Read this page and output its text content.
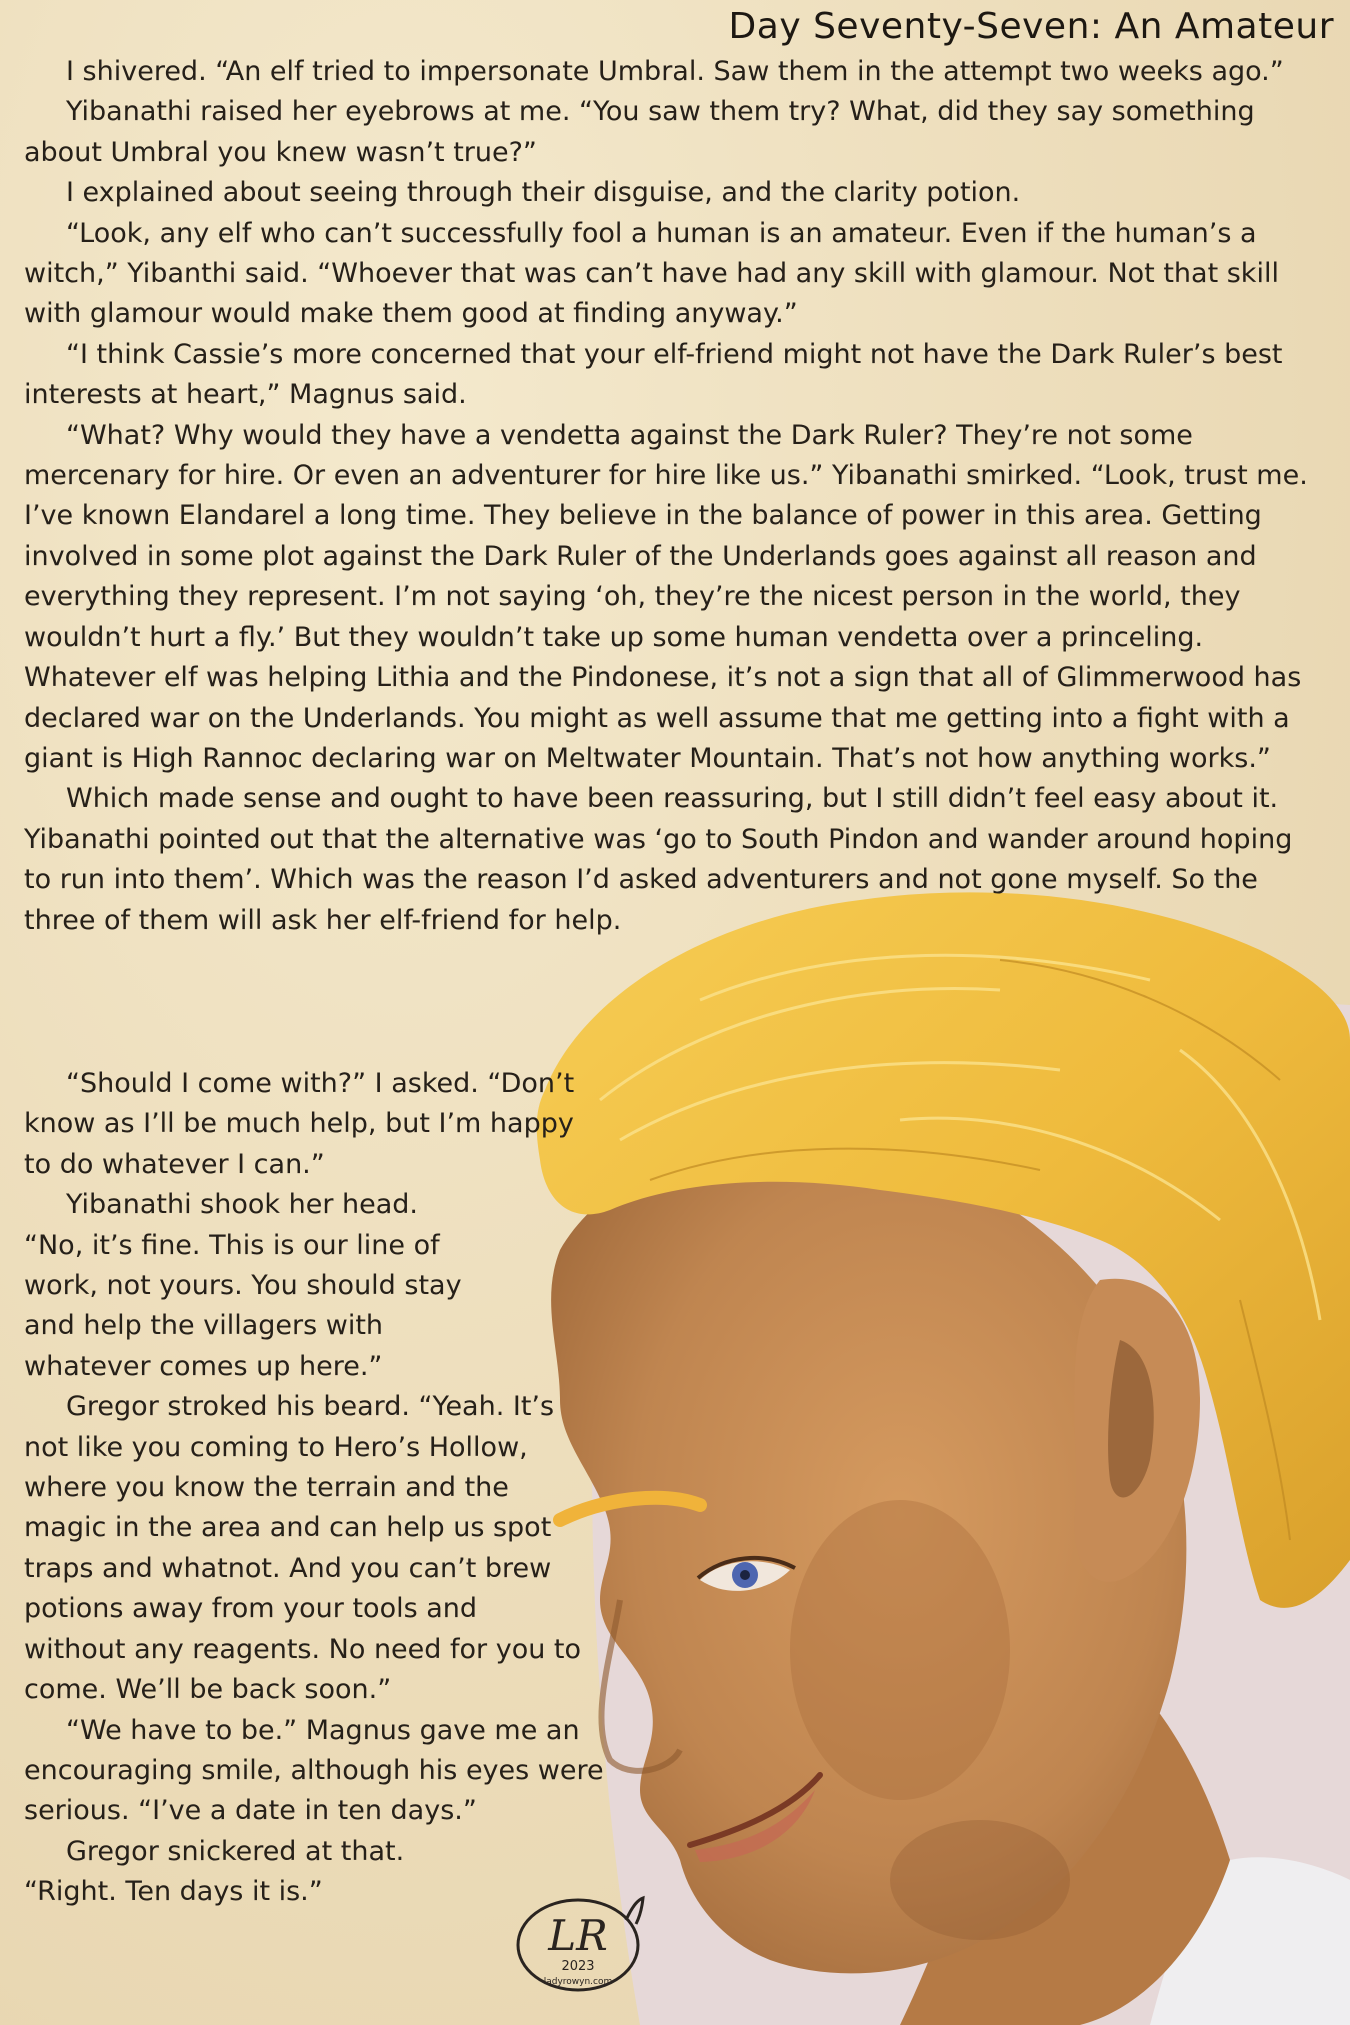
Day Seventy-Seven: An Amateur

I shivered. “An elf tried to impersonate Umbral. Saw them in the attempt two weeks ago.”

Yibanathi raised her eyebrows at me. “You saw them try? What, did they say something about Umbral you knew wasn’t true?”

I explained about seeing through their disguise, and the clarity potion.

“Look, any elf who can’t successfully fool a human is an amateur. Even if the human’s a witch,” Yibanthi said. “Whoever that was can’t have had any skill with glamour. Not that skill with glamour would make them good at finding anyway.”

“I think Cassie’s more concerned that your elf-friend might not have the Dark Ruler’s best interests at heart,” Magnus said.

“What? Why would they have a vendetta against the Dark Ruler? They’re not some mercenary for hire. Or even an adventurer for hire like us.” Yibanathi smirked. “Look, trust me. I’ve known Elandarel a long time. They believe in the balance of power in this area. Getting involved in some plot against the Dark Ruler of the Underlands goes against all reason and everything they represent. I’m not saying ‘oh, they’re the nicest person in the world, they wouldn’t hurt a fly.’ But they wouldn’t take up some human vendetta over a princeling. Whatever elf was helping Lithia and the Pindonese, it’s not a sign that all of Glimmerwood has declared war on the Underlands. You might as well assume that me getting into a fight with a giant is High Rannoc declaring war on Meltwater Mountain. That’s not how anything works.”

Which made sense and ought to have been reassuring, but I still didn’t feel easy about it. Yibanathi pointed out that the alternative was ‘go to South Pindon and wander around hoping to run into them’. Which was the reason I’d asked adventurers and not gone myself. So the three of them will ask her elf-friend for help.

“Should I come with?” I asked. “Don’t know as I’ll be much help, but I’m happy to do whatever I can.”

Yibanathi shook her head. “No, it’s fine. This is our line of work, not yours. You should stay and help the villagers with whatever comes up here.”

Gregor stroked his beard. “Yeah. It’s not like you coming to Hero’s Hollow, where you know the terrain and the magic in the area and can help us spot traps and whatnot. And you can’t brew potions away from your tools and without any reagents. No need for you to come. We’ll be back soon.”

“We have to be.” Magnus gave me an encouraging smile, although his eyes were serious. “I’ve a date in ten days.”

Gregor snickered at that. “Right. Ten days it is.”

LR
2023
ladyrowyn.com
